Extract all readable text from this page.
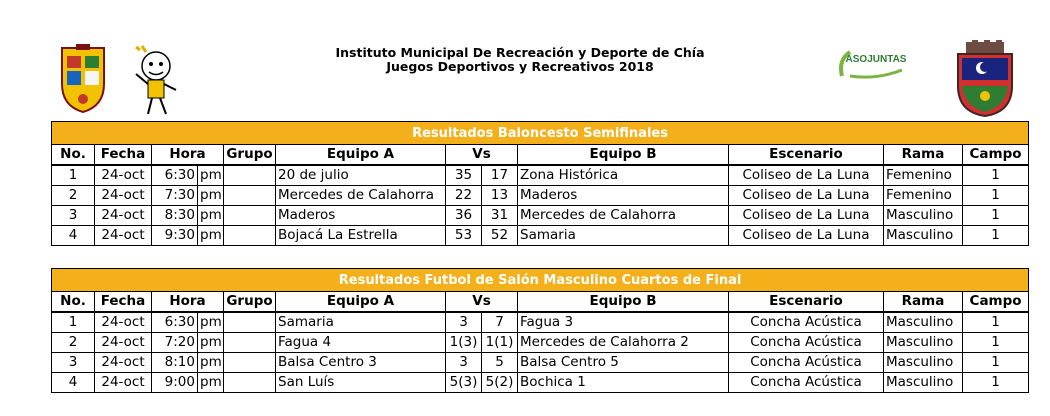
Instituto Municipal De Recreación y Deporte de Chía
Juegos Deportivos y Recreativos 2018	ASOJUNTAS
Resultados Baloncesto Semifinales											
No.	Fecha	Hora		Grupo	Equipo A	Vs		Equipo B	Escenario	Rama	Campo
1	24-oct	6:30	pm		20 de julio	35	17	Zona Histórica	Coliseo de La Luna	Femenino	1
2	24-oct	7:30	pm		Mercedes de Calahorra	22	13	Maderos	Coliseo de La Luna	Femenino	1
3	24-oct	8:30	pm		Maderos	36	31	Mercedes de Calahorra	Coliseo de La Luna	Masculino	1
4	24-oct	9:30	pm		Bojacá La Estrella	53	52	Samaria	Coliseo de La Luna	Masculino	1
Resultados Futbol de Salón Masculino Cuartos de Final											
No.	Fecha	Hora		Grupo	Equipo A	Vs		Equipo B	Escenario	Rama	Campo
1	24-oct	6:30	pm		Samaria	3	7	Fagua 3	Concha Acústica	Masculino	1
2	24-oct	7:20	pm		Fagua 4	1(3)	1(1)	Mercedes de Calahorra 2	Concha Acústica	Masculino	1
3	24-oct	8:10	pm		Balsa Centro 3	3	5	Balsa Centro 5	Concha Acústica	Masculino	1
4	24-oct	9:00	pm		San Luís	5(3)	5(2)	Bochica 1	Concha Acústica	Masculino	1
